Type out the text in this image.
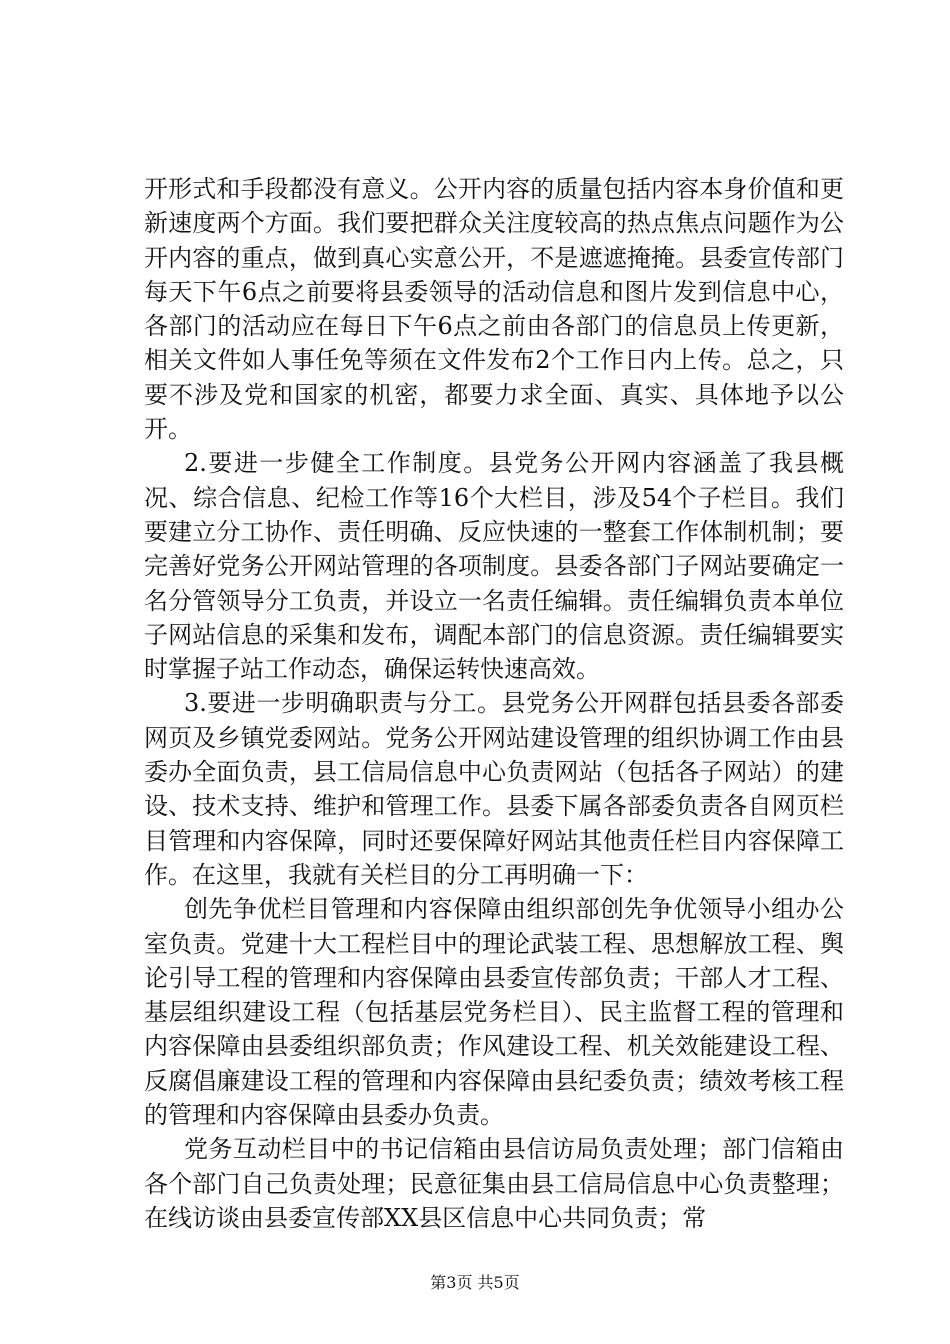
开形式和手段都没有意义。公开内容的质量包括内容本身价值和更新速度两个方面。我们要把群众关注度较高的热点焦点问题作为公开内容的重点，做到真心实意公开，不是遮遮掩掩。县委宣传部门每天下午6点之前要将县委领导的活动信息和图片发到信息中心，各部门的活动应在每日下午6点之前由各部门的信息员上传更新，相关文件如人事任免等须在文件发布2个工作日内上传。总之，只要不涉及党和国家的机密，都要力求全面、真实、具体地予以公开。

2.要进一步健全工作制度。县党务公开网内容涵盖了我县概况、综合信息、纪检工作等16个大栏目，涉及54个子栏目。我们要建立分工协作、责任明确、反应快速的一整套工作体制机制；要完善好党务公开网站管理的各项制度。县委各部门子网站要确定一名分管领导分工负责，并设立一名责任编辑。责任编辑负责本单位子网站信息的采集和发布，调配本部门的信息资源。责任编辑要实时掌握子站工作动态，确保运转快速高效。

3.要进一步明确职责与分工。县党务公开网群包括县委各部委网页及乡镇党委网站。党务公开网站建设管理的组织协调工作由县委办全面负责，县工信局信息中心负责网站（包括各子网站）的建设、技术支持、维护和管理工作。县委下属各部委负责各自网页栏目管理和内容保障，同时还要保障好网站其他责任栏目内容保障工作。在这里，我就有关栏目的分工再明确一下：

创先争优栏目管理和内容保障由组织部创先争优领导小组办公室负责。党建十大工程栏目中的理论武装工程、思想解放工程、舆论引导工程的管理和内容保障由县委宣传部负责；干部人才工程、基层组织建设工程（包括基层党务栏目）、民主监督工程的管理和内容保障由县委组织部负责；作风建设工程、机关效能建设工程、反腐倡廉建设工程的管理和内容保障由县纪委负责；绩效考核工程的管理和内容保障由县委办负责。

党务互动栏目中的书记信箱由县信访局负责处理；部门信箱由各个部门自己负责处理；民意征集由县工信局信息中心负责整理；在线访谈由县委宣传部XX县区信息中心共同负责；常

第3页 共5页
